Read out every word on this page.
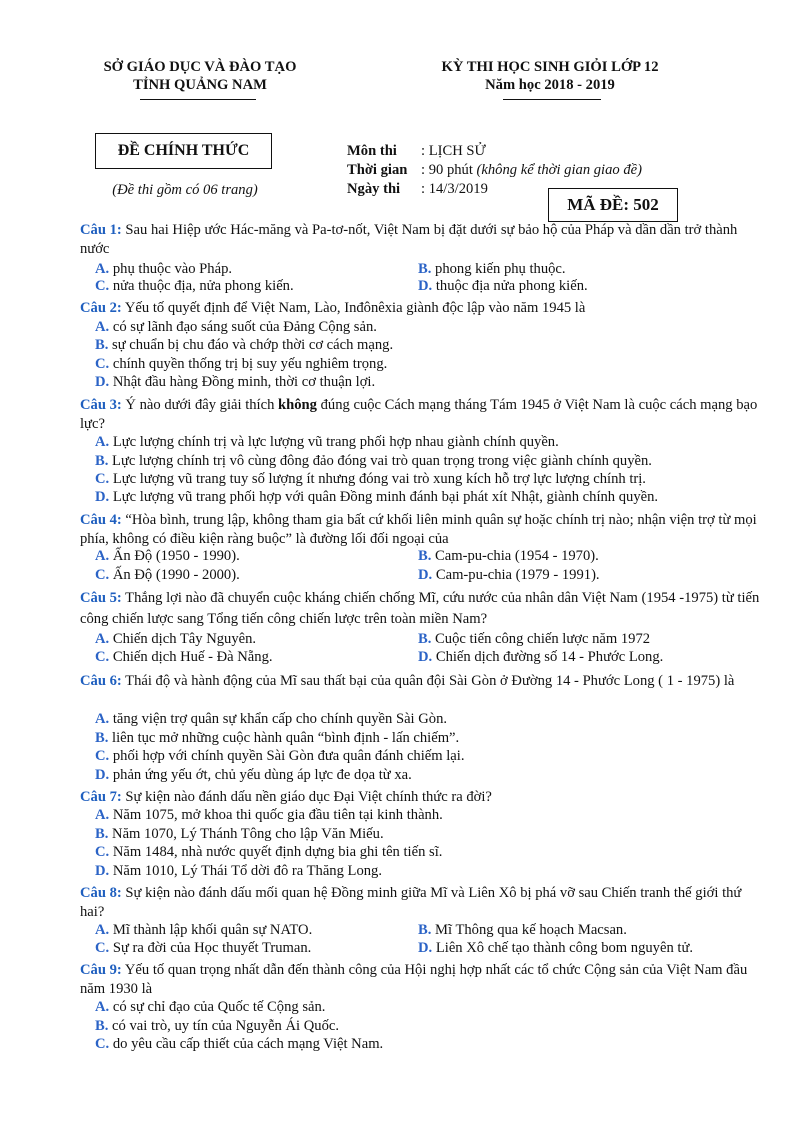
SỞ GIÁO DỤC VÀ ĐÀO TẠO
TỈNH QUẢNG NAM
KỲ THI HỌC SINH GIỎI LỚP 12
Năm học 2018 - 2019
ĐỀ CHÍNH THỨC
(Đề thi gồm có 06 trang)
Môn thi : LỊCH SỬ
Thời gian : 90 phút (không kể thời gian giao đề)
Ngày thi : 14/3/2019
MÃ ĐỀ: 502
Câu 1: Sau hai Hiệp ước Hác-măng và Pa-tơ-nốt, Việt Nam bị đặt dưới sự bảo hộ của Pháp và dần dần trở thành nước
A. phụ thuộc vào Pháp.	B. phong kiến phụ thuộc.
C. nửa thuộc địa, nửa phong kiến.	D. thuộc địa nửa phong kiến.
Câu 2: Yếu tố quyết định để Việt Nam, Lào, Inđônêxia giành độc lập vào năm 1945 là
A. có sự lãnh đạo sáng suốt của Đảng Cộng sản.
B. sự chuẩn bị chu đáo và chớp thời cơ cách mạng.
C. chính quyền thống trị bị suy yếu nghiêm trọng.
D. Nhật đầu hàng Đồng minh, thời cơ thuận lợi.
Câu 3: Ý nào dưới đây giải thích không đúng cuộc Cách mạng tháng Tám 1945 ở Việt Nam là cuộc cách mạng bạo lực?
A. Lực lượng chính trị và lực lượng vũ trang phối hợp nhau giành chính quyền.
B. Lực lượng chính trị vô cùng đông đảo đóng vai trò quan trọng trong việc giành chính quyền.
C. Lực lượng vũ trang tuy số lượng ít nhưng đóng vai trò xung kích hỗ trợ lực lượng chính trị.
D. Lực lượng vũ trang phối hợp với quân Đồng minh đánh bại phát xít Nhật, giành chính quyền.
Câu 4: “Hòa bình, trung lập, không tham gia bất cứ khối liên minh quân sự hoặc chính trị nào; nhận viện trợ từ mọi phía, không có điều kiện ràng buộc” là đường lối đối ngoại của
A. Ấn Độ (1950 - 1990).	B. Cam-pu-chia (1954 - 1970).
C. Ấn Độ (1990 - 2000).	D. Cam-pu-chia (1979 - 1991).
Câu 5: Thắng lợi nào đã chuyển cuộc kháng chiến chống Mĩ, cứu nước của nhân dân Việt Nam (1954 -1975) từ tiến công chiến lược sang Tổng tiến công chiến lược trên toàn miền Nam?
A. Chiến dịch Tây Nguyên.	B. Cuộc tiến công chiến lược năm 1972
C. Chiến dịch Huế - Đà Nẵng.	D. Chiến dịch đường số 14 - Phước Long.
Câu 6: Thái độ và hành động của Mĩ sau thất bại của quân đội Sài Gòn ở Đường 14 - Phước Long ( 1 - 1975) là
A. tăng viện trợ quân sự khẩn cấp cho chính quyền Sài Gòn.
B. liên tục mở những cuộc hành quân “bình định - lấn chiếm”.
C. phối hợp với chính quyền Sài Gòn đưa quân đánh chiếm lại.
D. phản ứng yếu ớt, chủ yếu dùng áp lực đe dọa từ xa.
Câu 7: Sự kiện nào đánh dấu nền giáo dục Đại Việt chính thức ra đời?
A. Năm 1075, mở khoa thi quốc gia đầu tiên tại kinh thành.
B. Năm 1070, Lý Thánh Tông cho lập Văn Miếu.
C. Năm 1484, nhà nước quyết định dựng bia ghi tên tiến sĩ.
D. Năm 1010, Lý Thái Tổ dời đô ra Thăng Long.
Câu 8: Sự kiện nào đánh dấu mối quan hệ Đồng minh giữa Mĩ và Liên Xô bị phá vỡ sau Chiến tranh thế giới thứ hai?
A. Mĩ thành lập khối quân sự NATO.	B. Mĩ Thông qua kế hoạch Macsan.
C. Sự ra đời của Học thuyết Truman.	D. Liên Xô chế tạo thành công bom nguyên tử.
Câu 9: Yếu tố quan trọng nhất dẫn đến thành công của Hội nghị hợp nhất các tổ chức Cộng sản của Việt Nam đầu năm 1930 là
A. có sự chỉ đạo của Quốc tế Cộng sản.
B. có vai trò, uy tín của Nguyễn Ái Quốc.
C. do yêu cầu cấp thiết của cách mạng Việt Nam.
